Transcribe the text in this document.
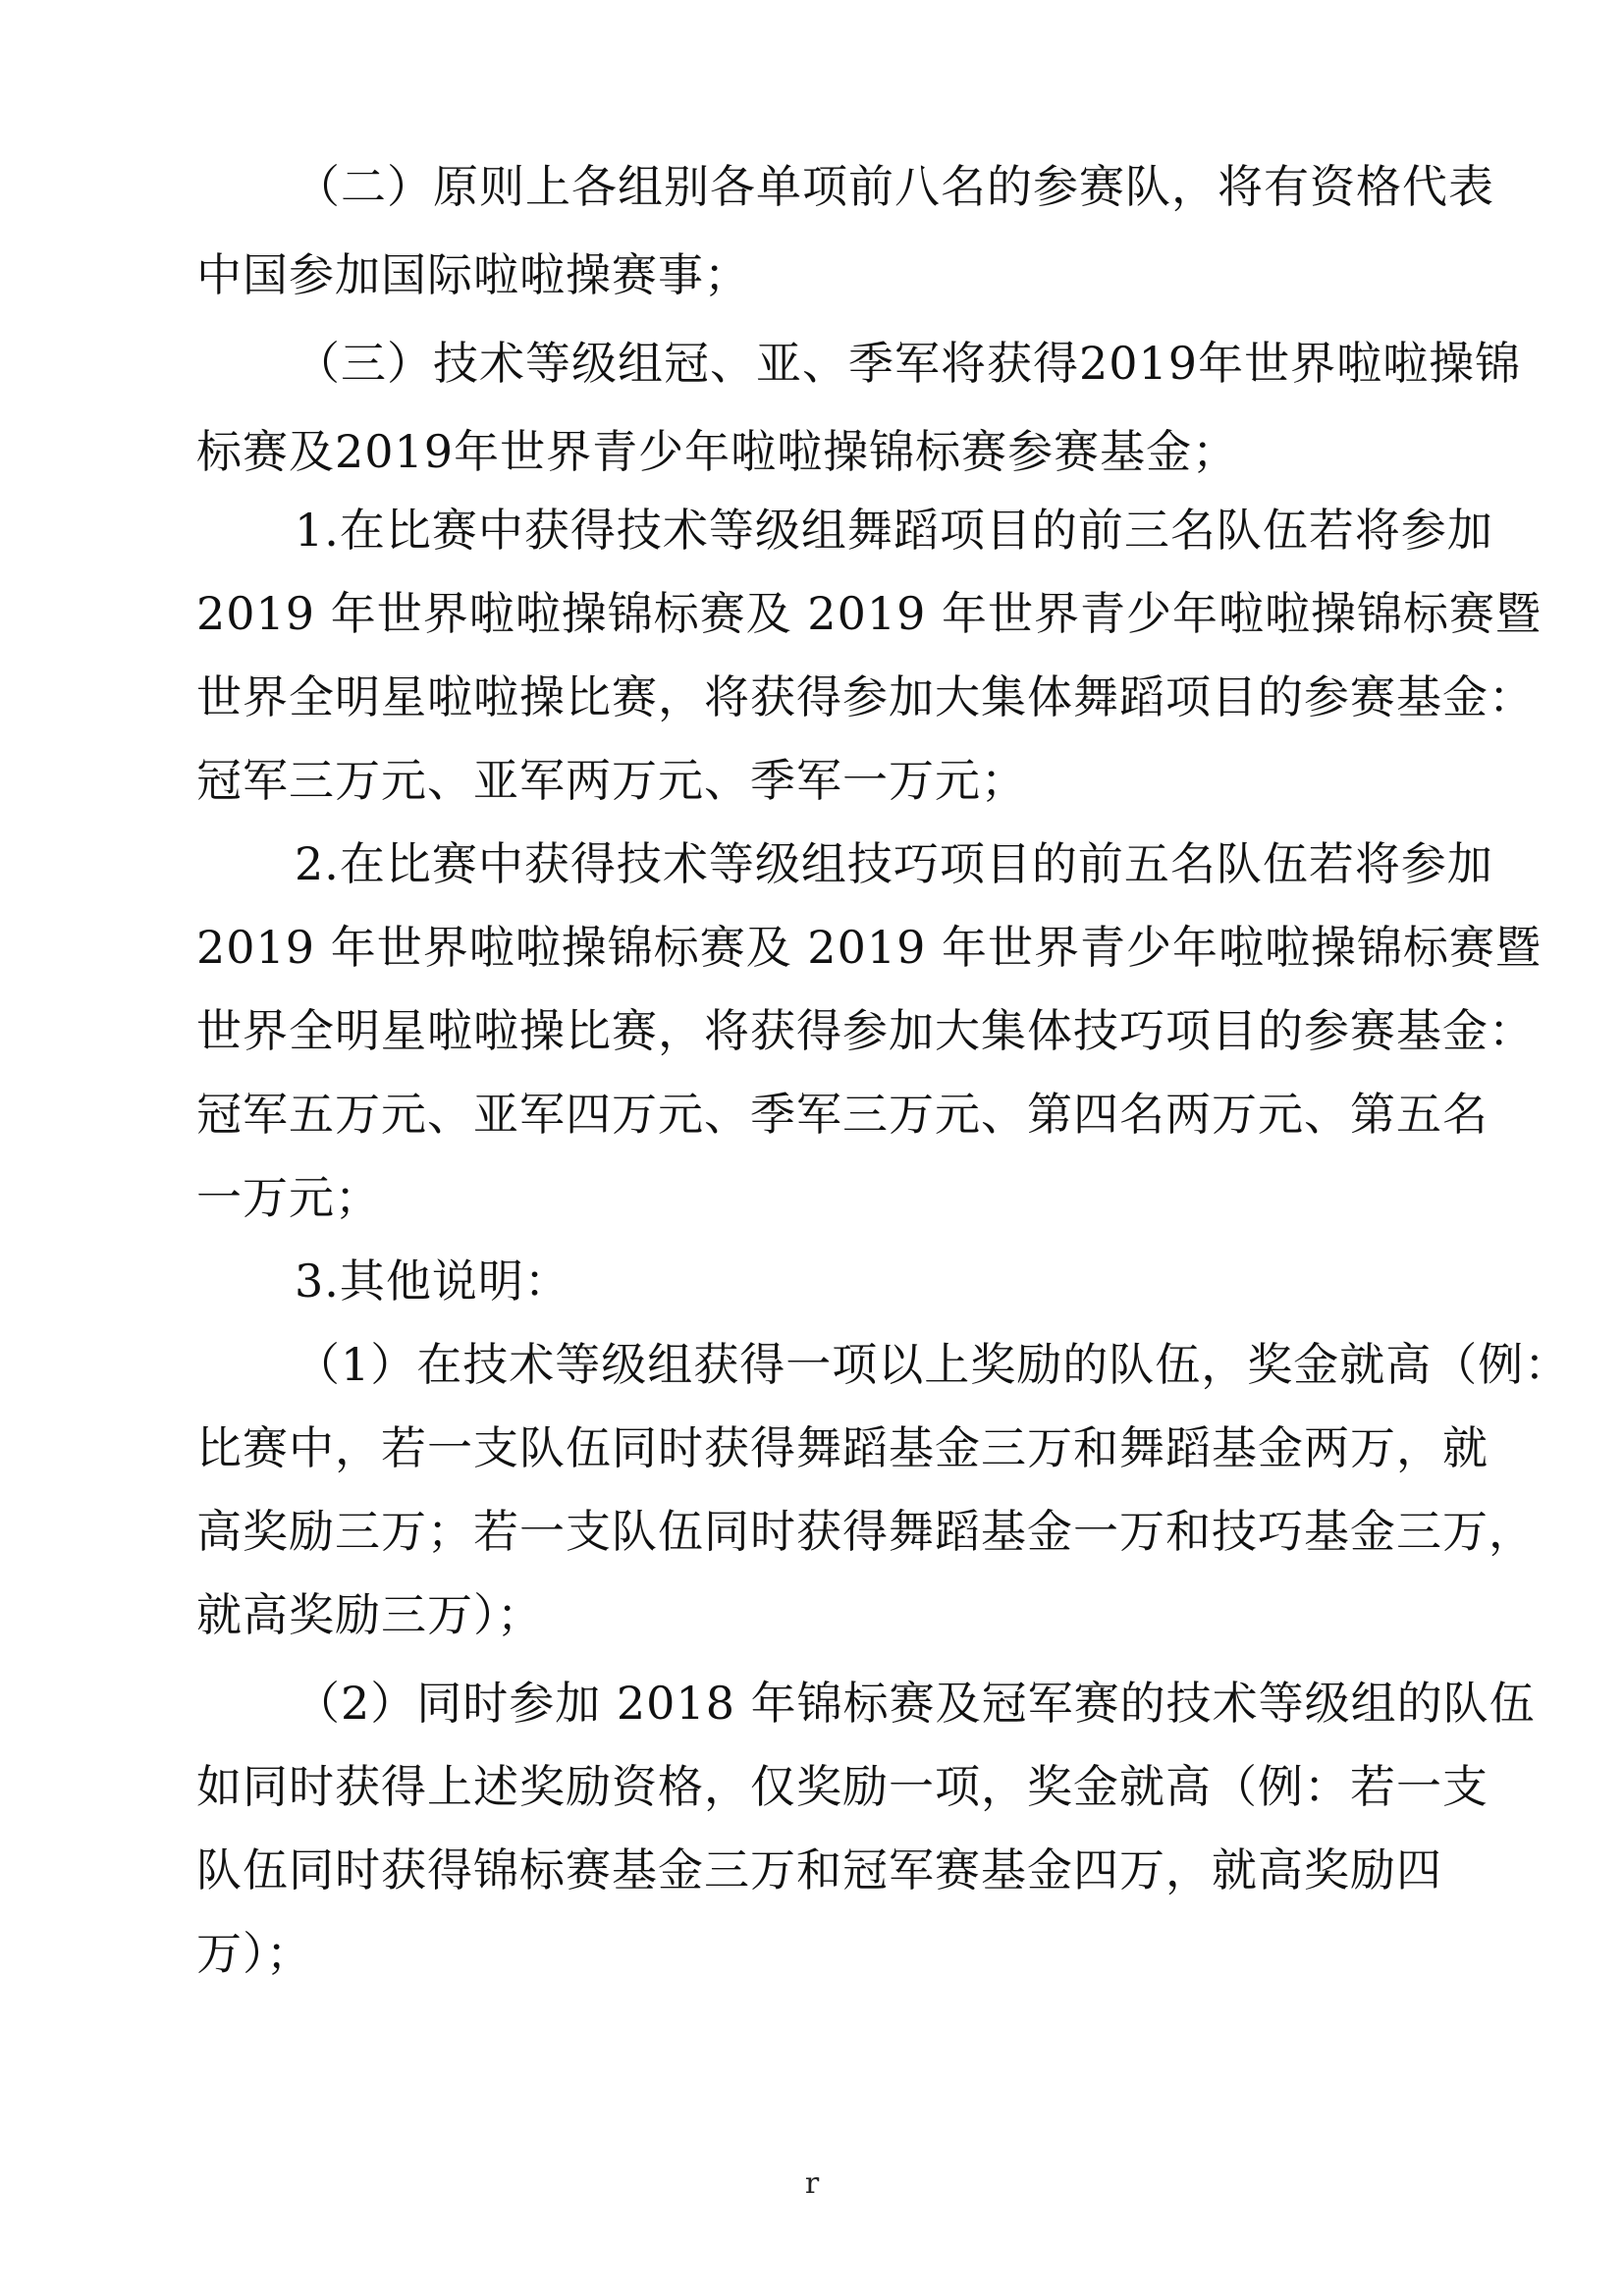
（二）原则上各组别各单项前八名的参赛队，将有资格代表
中国参加国际啦啦操赛事；
（三）技术等级组冠、亚、季军将获得2019年世界啦啦操锦
标赛及2019年世界青少年啦啦操锦标赛参赛基金；
1.在比赛中获得技术等级组舞蹈项目的前三名队伍若将参加
2019 年世界啦啦操锦标赛及 2019 年世界青少年啦啦操锦标赛暨
世界全明星啦啦操比赛，将获得参加大集体舞蹈项目的参赛基金：
冠军三万元、亚军两万元、季军一万元；
2.在比赛中获得技术等级组技巧项目的前五名队伍若将参加
2019 年世界啦啦操锦标赛及 2019 年世界青少年啦啦操锦标赛暨
世界全明星啦啦操比赛，将获得参加大集体技巧项目的参赛基金：
冠军五万元、亚军四万元、季军三万元、第四名两万元、第五名
一万元；
3.其他说明：
（1）在技术等级组获得一项以上奖励的队伍，奖金就高（例：
比赛中，若一支队伍同时获得舞蹈基金三万和舞蹈基金两万，就
高奖励三万；若一支队伍同时获得舞蹈基金一万和技巧基金三万，
就高奖励三万）；
（2）同时参加 2018 年锦标赛及冠军赛的技术等级组的队伍
如同时获得上述奖励资格，仅奖励一项，奖金就高（例：若一支
队伍同时获得锦标赛基金三万和冠军赛基金四万，就高奖励四
万）；
r
